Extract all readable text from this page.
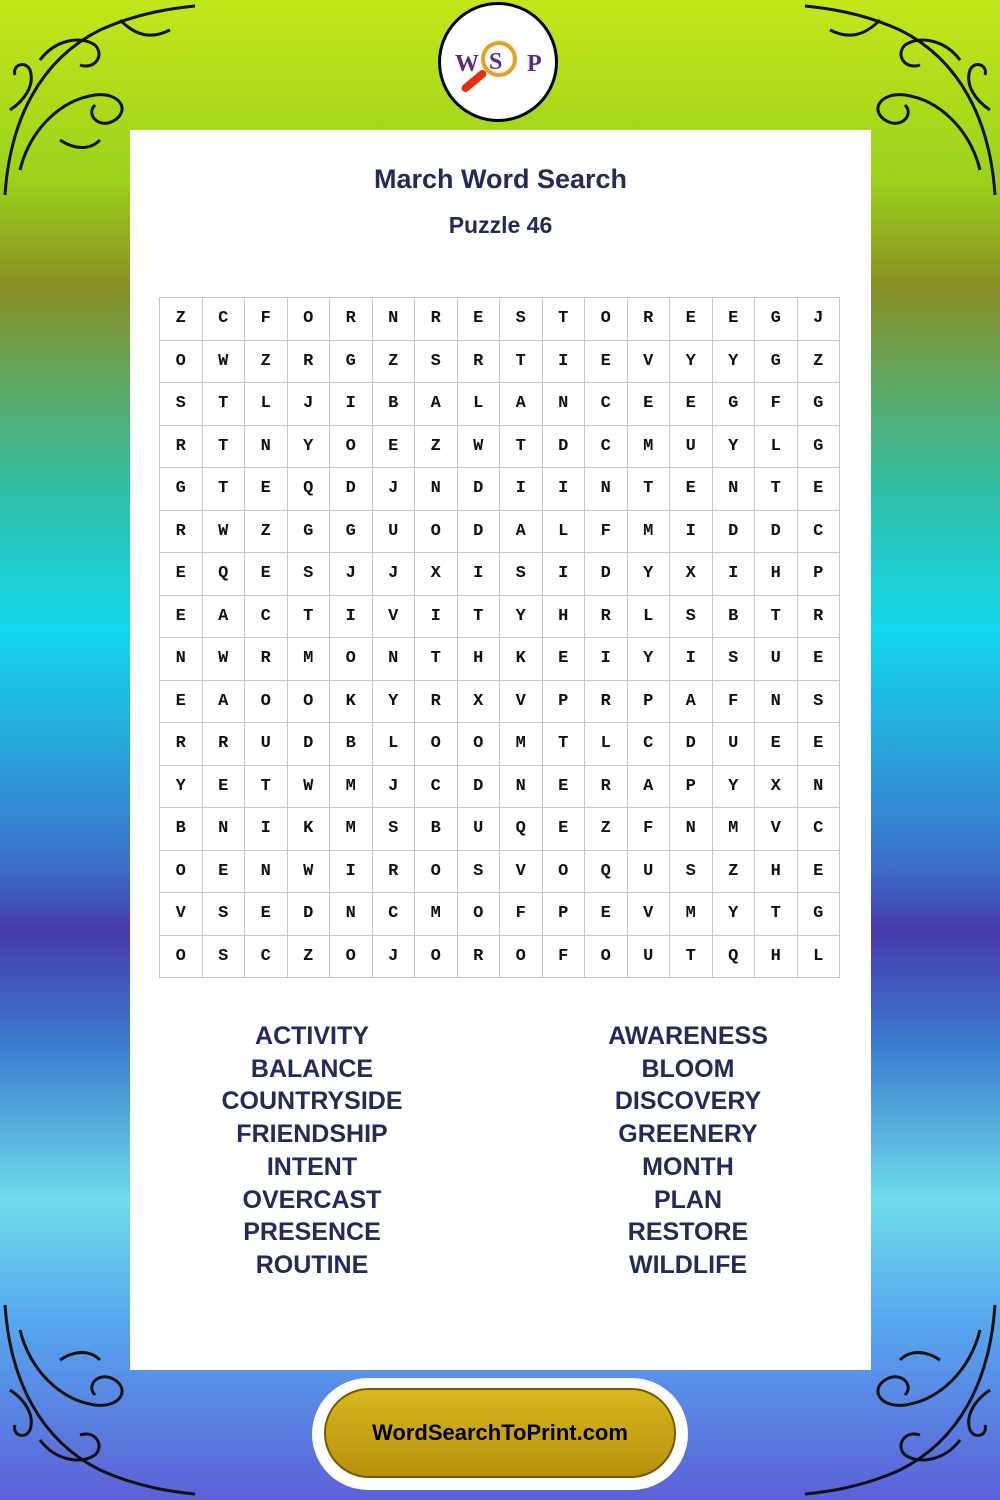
W S P
March Word Search
Puzzle 46
Z	C	F	O	R	N	R	E	S	T	O	R	E	E	G	J
O	W	Z	R	G	Z	S	R	T	I	E	V	Y	Y	G	Z
S	T	L	J	I	B	A	L	A	N	C	E	E	G	F	G
R	T	N	Y	O	E	Z	W	T	D	C	M	U	Y	L	G
G	T	E	Q	D	J	N	D	I	I	N	T	E	N	T	E
R	W	Z	G	G	U	O	D	A	L	F	M	I	D	D	C
E	Q	E	S	J	J	X	I	S	I	D	Y	X	I	H	P
E	A	C	T	I	V	I	T	Y	H	R	L	S	B	T	R
N	W	R	M	O	N	T	H	K	E	I	Y	I	S	U	E
E	A	O	O	K	Y	R	X	V	P	R	P	A	F	N	S
R	R	U	D	B	L	O	O	M	T	L	C	D	U	E	E
Y	E	T	W	M	J	C	D	N	E	R	A	P	Y	X	N
B	N	I	K	M	S	B	U	Q	E	Z	F	N	M	V	C
O	E	N	W	I	R	O	S	V	O	Q	U	S	Z	H	E
V	S	E	D	N	C	M	O	F	P	E	V	M	Y	T	G
O	S	C	Z	O	J	O	R	O	F	O	U	T	Q	H	L
ACTIVITY
BALANCE
COUNTRYSIDE
FRIENDSHIP
INTENT
OVERCAST
PRESENCE
ROUTINE
AWARENESS
BLOOM
DISCOVERY
GREENERY
MONTH
PLAN
RESTORE
WILDLIFE
WordSearchToPrint.com
